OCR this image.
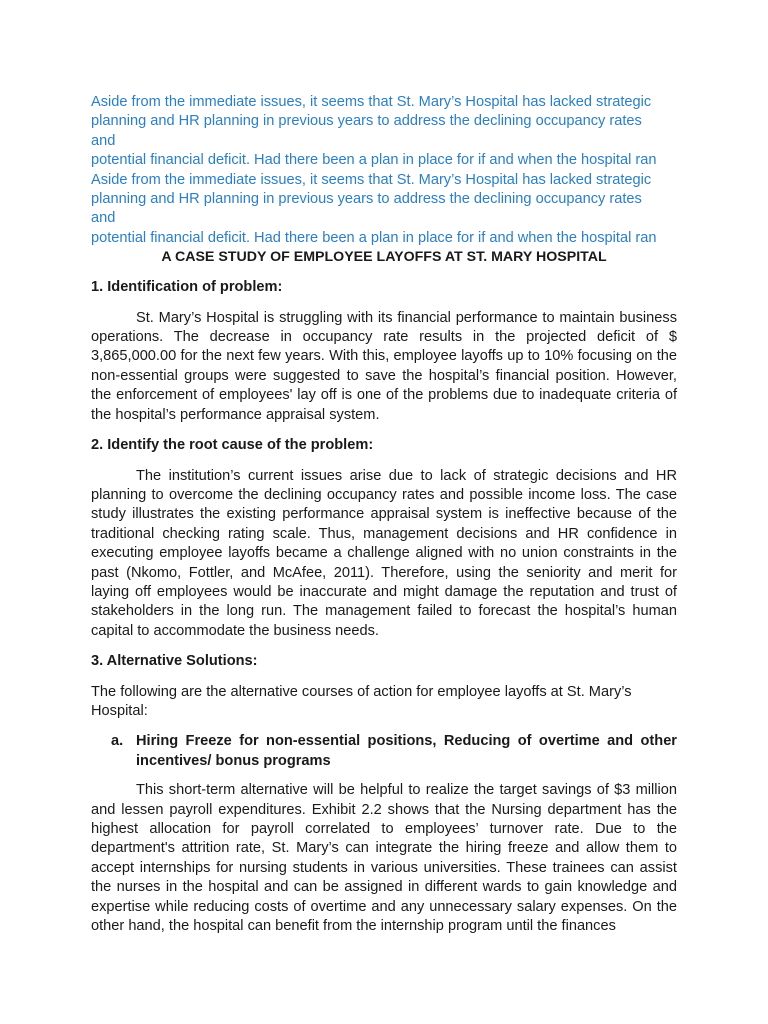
Aside from the immediate issues, it seems that St. Mary’s Hospital has lacked strategic

planning and HR planning in previous years to address the declining occupancy rates

and

potential financial deficit. Had there been a plan in place for if and when the hospital ran

Aside from the immediate issues, it seems that St. Mary’s Hospital has lacked strategic

planning and HR planning in previous years to address the declining occupancy rates

and

potential financial deficit. Had there been a plan in place for if and when the hospital ran

A CASE STUDY OF EMPLOYEE LAYOFFS AT ST. MARY HOSPITAL

1. Identification of problem:

St. Mary’s Hospital is struggling with its financial performance to maintain business operations. The decrease in occupancy rate results in the projected deficit of $ 3,865,000.00 for the next few years. With this, employee layoffs up to 10% focusing on the non-essential groups were suggested to save the hospital’s financial position. However, the enforcement of employees' lay off is one of the problems due to inadequate criteria of the hospital’s performance appraisal system.

2. Identify the root cause of the problem:

The institution’s current issues arise due to lack of strategic decisions and HR planning to overcome the declining occupancy rates and possible income loss. The case study illustrates the existing performance appraisal system is ineffective because of the traditional checking rating scale. Thus, management decisions and HR confidence in executing employee layoffs became a challenge aligned with no union constraints in the past (Nkomo, Fottler, and McAfee, 2011). Therefore, using the seniority and merit for laying off employees would be inaccurate and might damage the reputation and trust of stakeholders in the long run. The management failed to forecast the hospital’s human capital to accommodate the business needs.

3. Alternative Solutions:

The following are the alternative courses of action for employee layoffs at St. Mary’s Hospital:

a. Hiring Freeze for non-essential positions, Reducing of overtime and other incentives/ bonus programs

This short-term alternative will be helpful to realize the target savings of $3 million and lessen payroll expenditures. Exhibit 2.2 shows that the Nursing department has the highest allocation for payroll correlated to employees’ turnover rate. Due to the department's attrition rate, St. Mary’s can integrate the hiring freeze and allow them to accept internships for nursing students in various universities. These trainees can assist the nurses in the hospital and can be assigned in different wards to gain knowledge and expertise while reducing costs of overtime and any unnecessary salary expenses. On the other hand, the hospital can benefit from the internship program until the finances
